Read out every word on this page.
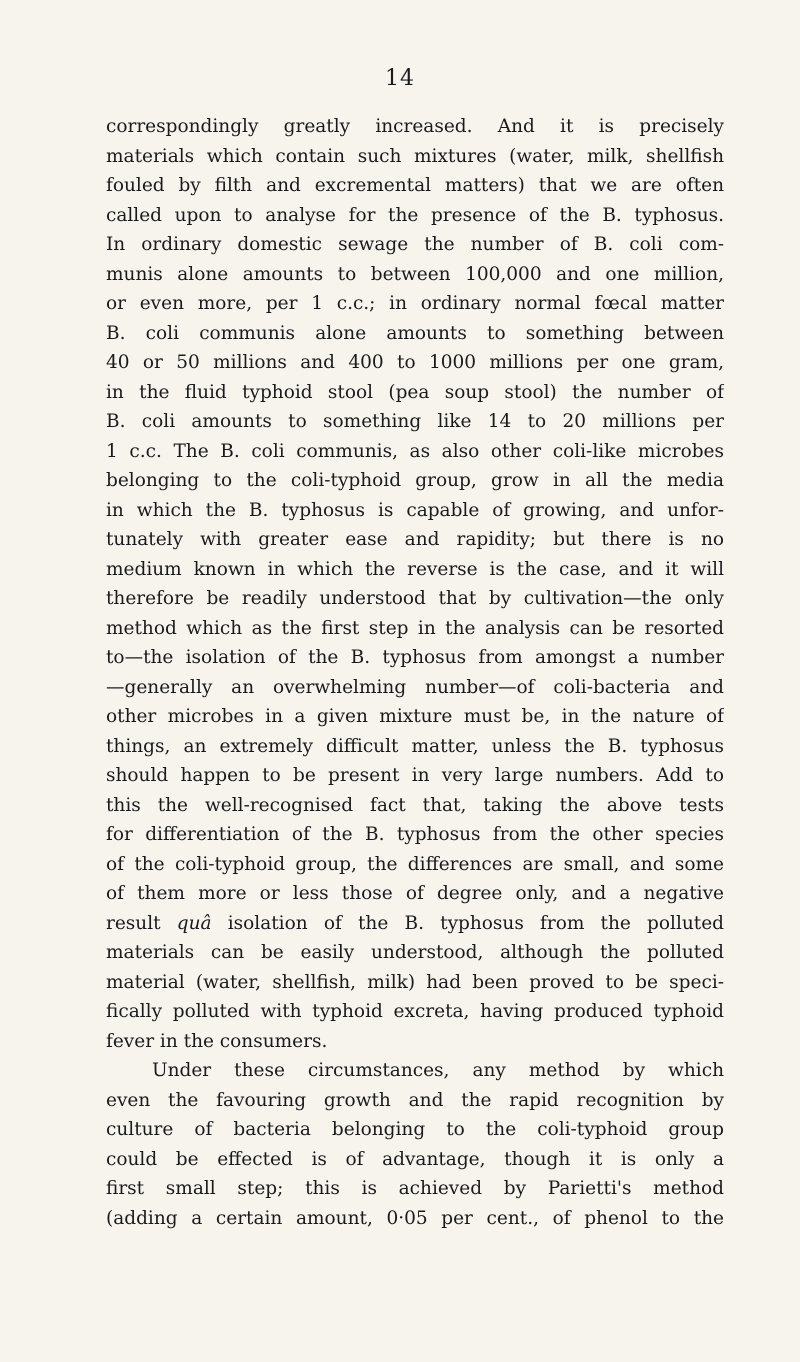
14
correspondingly greatly increased. And it is precisely
materials which contain such mixtures (water, milk, shellfish
fouled by filth and excremental matters) that we are often
called upon to analyse for the presence of the B. typhosus.
In ordinary domestic sewage the number of B. coli com-
munis alone amounts to between 100,000 and one million,
or even more, per 1 c.c.; in ordinary normal fœcal matter
B. coli communis alone amounts to something between
40 or 50 millions and 400 to 1000 millions per one gram,
in the fluid typhoid stool (pea soup stool) the number of
B. coli amounts to something like 14 to 20 millions per
1 c.c. The B. coli communis, as also other coli-like microbes
belonging to the coli-typhoid group, grow in all the media
in which the B. typhosus is capable of growing, and unfor-
tunately with greater ease and rapidity; but there is no
medium known in which the reverse is the case, and it will
therefore be readily understood that by cultivation—the only
method which as the first step in the analysis can be resorted
to—the isolation of the B. typhosus from amongst a number
—generally an overwhelming number—of coli-bacteria and
other microbes in a given mixture must be, in the nature of
things, an extremely difficult matter, unless the B. typhosus
should happen to be present in very large numbers. Add to
this the well-recognised fact that, taking the above tests
for differentiation of the B. typhosus from the other species
of the coli-typhoid group, the differences are small, and some
of them more or less those of degree only, and a negative
result quâ isolation of the B. typhosus from the polluted
materials can be easily understood, although the polluted
material (water, shellfish, milk) had been proved to be speci-
fically polluted with typhoid excreta, having produced typhoid
fever in the consumers.
Under these circumstances, any method by which
even the favouring growth and the rapid recognition by
culture of bacteria belonging to the coli-typhoid group
could be effected is of advantage, though it is only a
first small step; this is achieved by Parietti's method
(adding a certain amount, 0·05 per cent., of phenol to the
